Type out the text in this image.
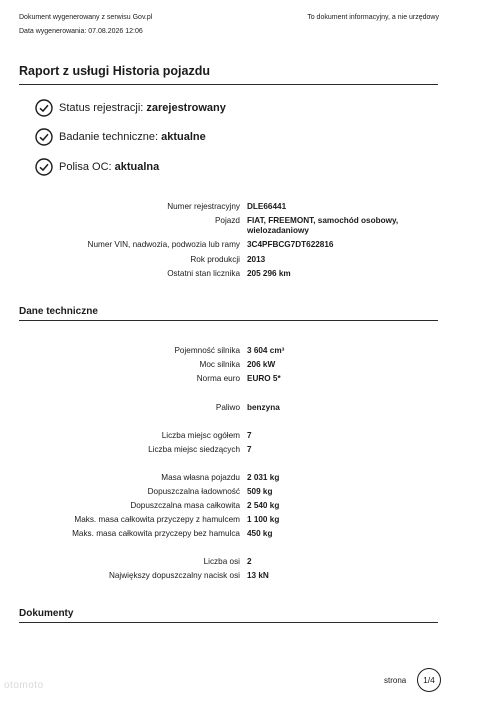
Dokument wygenerowany z serwisu Gov.pl
Data wygenerowania: 07.08.2026 12:06
To dokument informacyjny, a nie urzędowy
Raport z usługi Historia pojazdu
Status rejestracji: zarejestrowany
Badanie techniczne: aktualne
Polisa OC: aktualna
Numer rejestracyjny DLE66441
Pojazd FIAT, FREEMONT, samochód osobowy, wielozadaniowy
Numer VIN, nadwozia, podwozia lub ramy 3C4PFBCG7DT622816
Rok produkcji 2013
Ostatni stan licznika 205 296 km
Dane techniczne
Pojemność silnika 3 604 cm³
Moc silnika 206 kW
Norma euro EURO 5*
Paliwo benzyna
Liczba miejsc ogółem 7
Liczba miejsc siedzących 7
Masa własna pojazdu 2 031 kg
Dopuszczalna ładowność 509 kg
Dopuszczalna masa całkowita 2 540 kg
Maks. masa całkowita przyczepy z hamulcem 1 100 kg
Maks. masa całkowita przyczepy bez hamulca 450 kg
Liczba osi 2
Największy dopuszczalny nacisk osi 13 kN
Dokumenty
otomoto	strona	1/4
